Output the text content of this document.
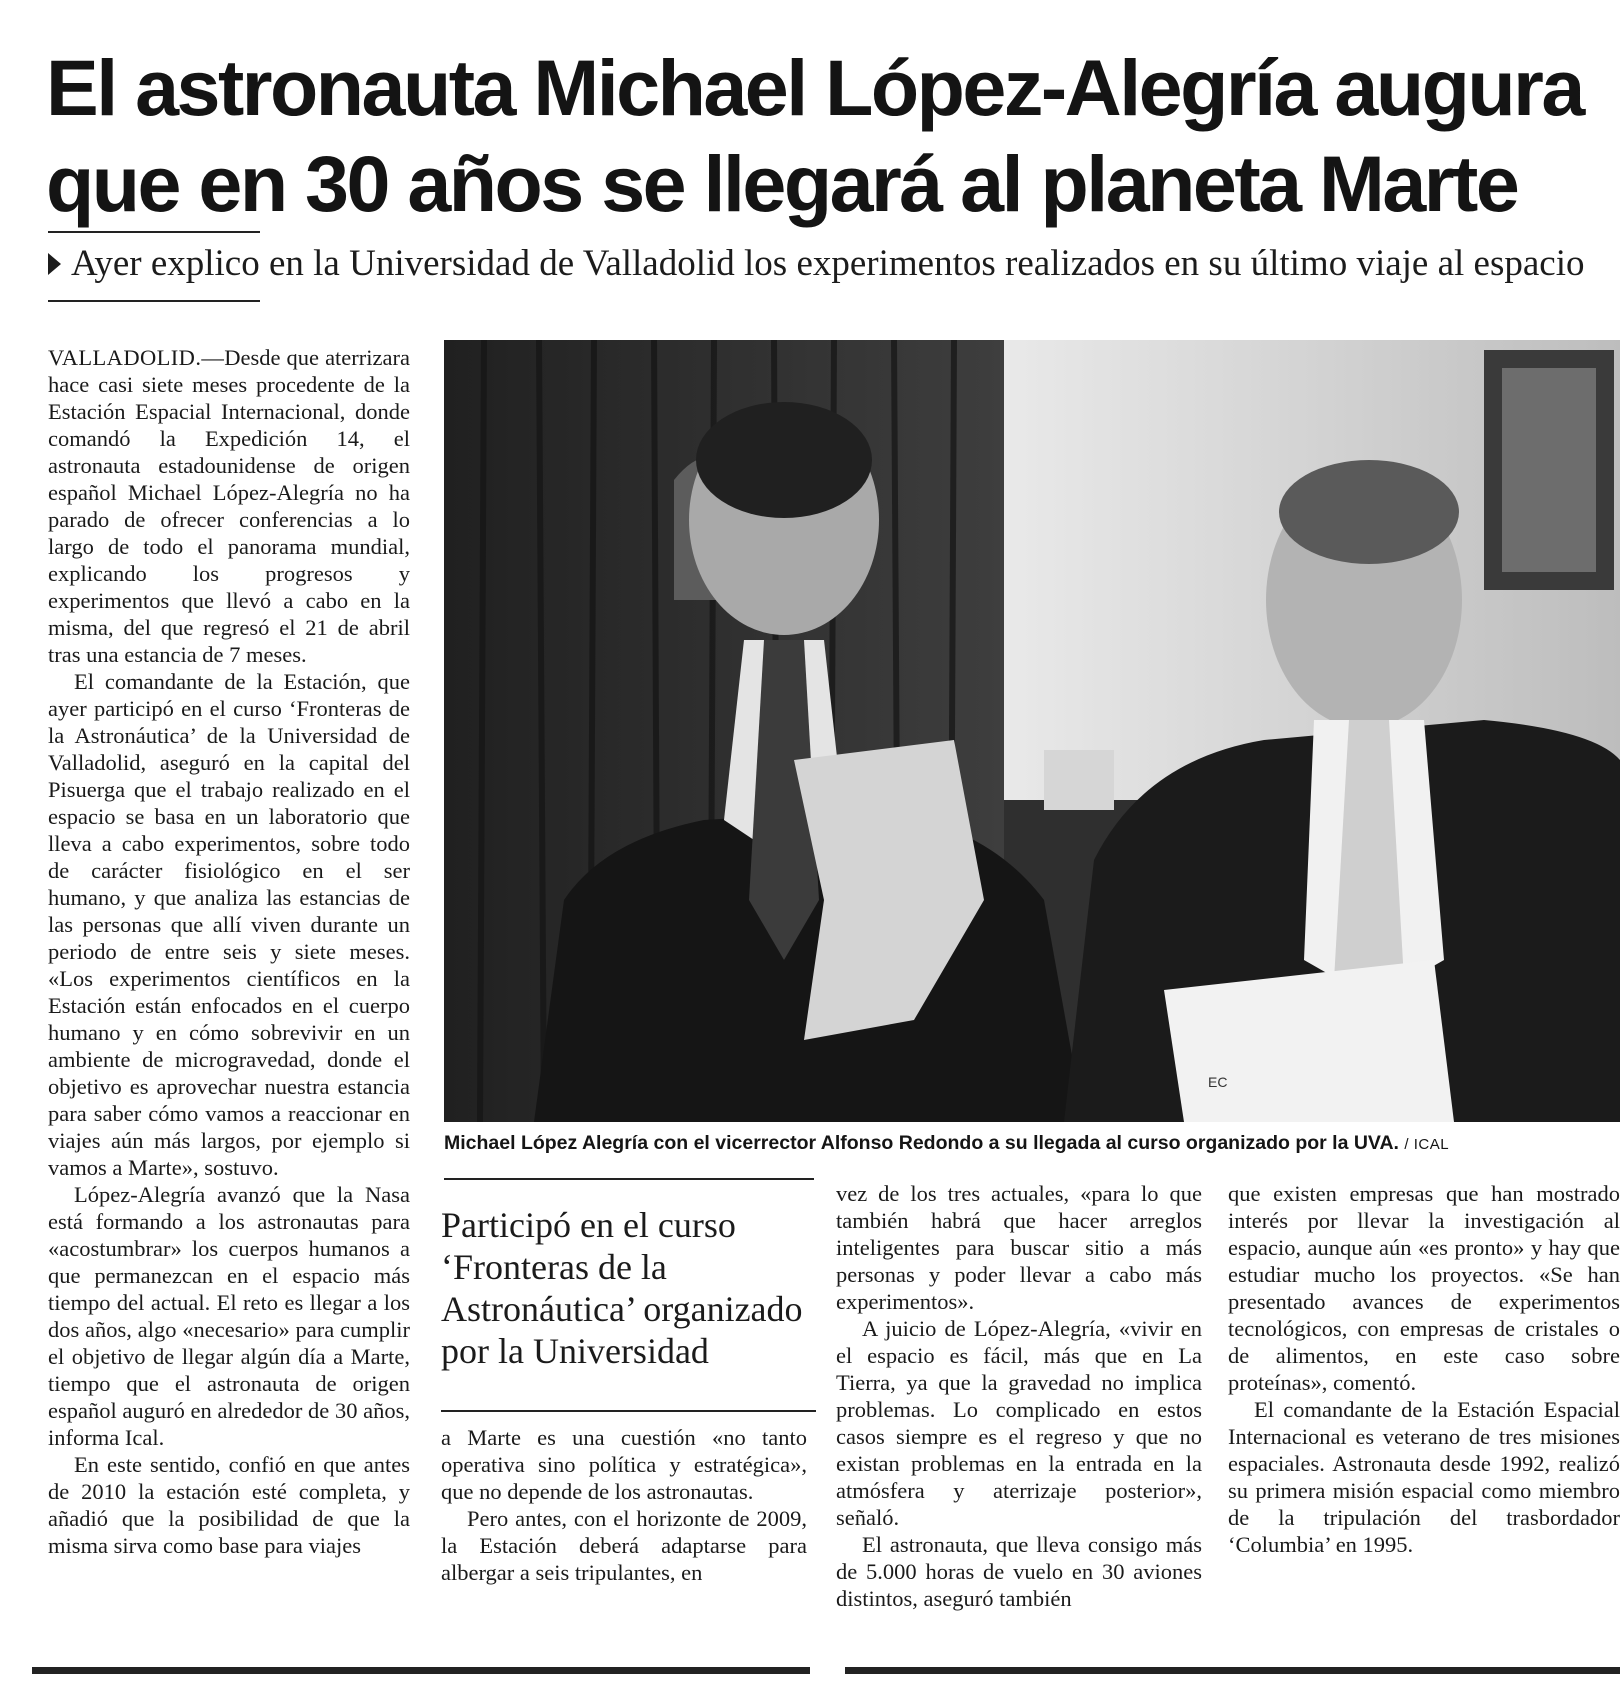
El astronauta Michael López-Alegría augura
que en 30 años se llegará al planeta Marte
Ayer explico en la Universidad de Valladolid los experimentos realizados en su último viaje al espacio

VALLADOLID.—Desde que aterrizara hace casi siete meses procedente de la Estación Espacial Internacional, donde comandó la Expedición 14, el astronauta estadounidense de origen español Michael López-Alegría no ha parado de ofrecer conferencias a lo largo de todo el panorama mundial, explicando los progresos y experimentos que llevó a cabo en la misma, del que regresó el 21 de abril tras una estancia de 7 meses.

El comandante de la Estación, que ayer participó en el curso ‘Fronteras de la Astronáutica’ de la Universidad de Valladolid, aseguró en la capital del Pisuerga que el trabajo realizado en el espacio se basa en un laboratorio que lleva a cabo experimentos, sobre todo de carácter fisiológico en el ser humano, y que analiza las estancias de las personas que allí viven durante un periodo de entre seis y siete meses. «Los experimentos científicos en la Estación están enfocados en el cuerpo humano y en cómo sobrevivir en un ambiente de microgravedad, donde el objetivo es aprovechar nuestra estancia para saber cómo vamos a reaccionar en viajes aún más largos, por ejemplo si vamos a Marte», sostuvo.

López-Alegría avanzó que la Nasa está formando a los astronautas para «acostumbrar» los cuerpos humanos a que permanezcan en el espacio más tiempo del actual. El reto es llegar a los dos años, algo «necesario» para cumplir el objetivo de llegar algún día a Marte, tiempo que el astronauta de origen español auguró en alrededor de 30 años, informa Ical.

En este sentido, confió en que antes de 2010 la estación esté completa, y añadió que la posibilidad de que la misma sirva como base para viajes

EC
Michael López Alegría con el vicerrector Alfonso Redondo a su llegada al curso organizado por la UVA. / ICAL
Participó en el curso ‘Fronteras de la Astronáutica’ organizado por la Universidad

a Marte es una cuestión «no tanto operativa sino política y estratégica», que no depende de los astronautas.

Pero antes, con el horizonte de 2009, la Estación deberá adaptarse para albergar a seis tripulantes, en

vez de los tres actuales, «para lo que también habrá que hacer arreglos inteligentes para buscar sitio a más personas y poder llevar a cabo más experimentos».

A juicio de López-Alegría, «vivir en el espacio es fácil, más que en La Tierra, ya que la gravedad no implica problemas. Lo complicado en estos casos siempre es el regreso y que no existan problemas en la entrada en la atmósfera y aterrizaje posterior», señaló.

El astronauta, que lleva consigo más de 5.000 horas de vuelo en 30 aviones distintos, aseguró también

que existen empresas que han mostrado interés por llevar la investigación al espacio, aunque aún «es pronto» y hay que estudiar mucho los proyectos. «Se han presentado avances de experimentos tecnológicos, con empresas de cristales o de alimentos, en este caso sobre proteínas», comentó.

El comandante de la Estación Espacial Internacional es veterano de tres misiones espaciales. Astronauta desde 1992, realizó su primera misión espacial como miembro de la tripulación del trasbordador ‘Columbia’ en 1995.
